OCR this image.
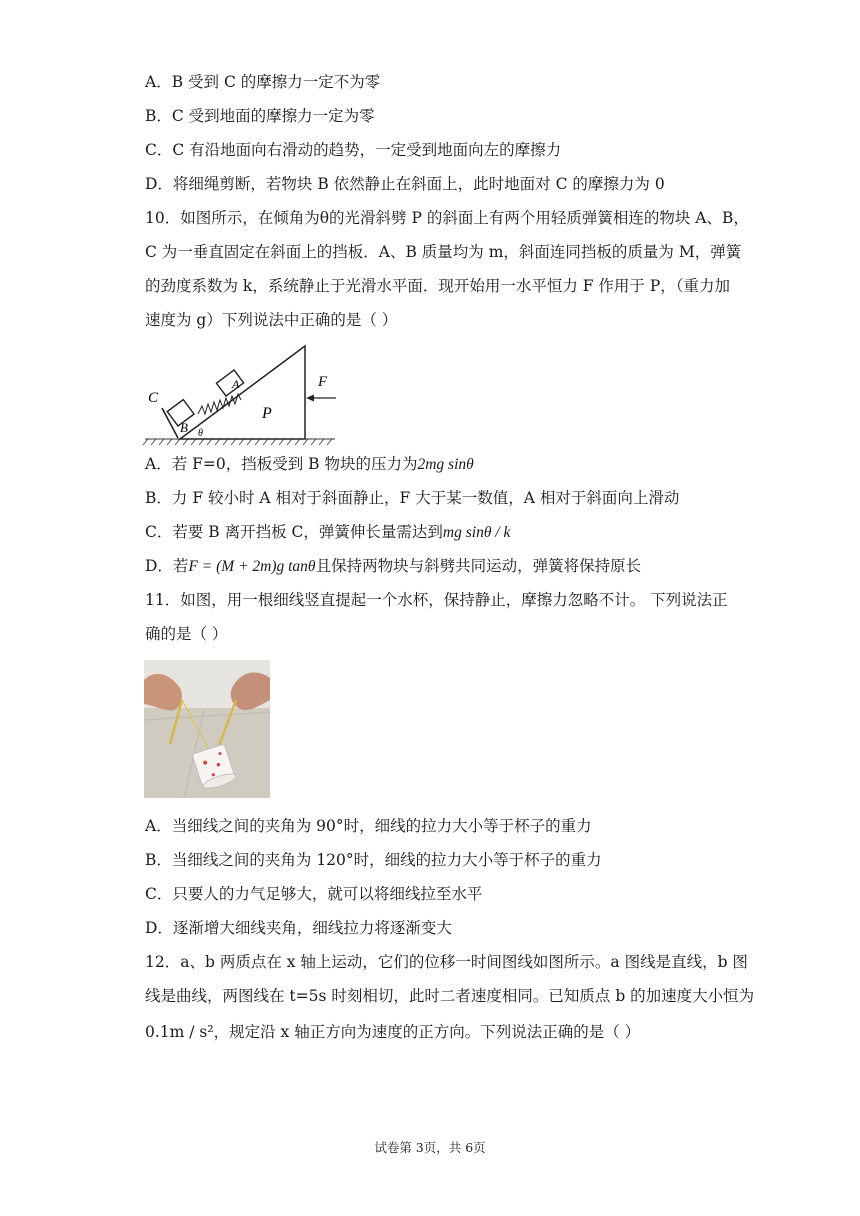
A．B 受到 C 的摩擦力一定不为零
B．C 受到地面的摩擦力一定为零
C．C 有沿地面向右滑动的趋势，一定受到地面向左的摩擦力
D．将细绳剪断，若物块 B 依然静止在斜面上，此时地面对 C 的摩擦力为 0
10．如图所示，在倾角为θ的光滑斜劈 P 的斜面上有两个用轻质弹簧相连的物块 A、B，
C 为一垂直固定在斜面上的挡板．A、B 质量均为 m，斜面连同挡板的质量为 M，弹簧
的劲度系数为 k，系统静止于光滑水平面．现开始用一水平恒力 F 作用于 P，（重力加
速度为 g）下列说法中正确的是（ ）
C
B
A
P
F
θ
A．若 F=0，挡板受到 B 物块的压力为2mg sinθ
B．力 F 较小时 A 相对于斜面静止，F 大于某一数值，A 相对于斜面向上滑动
C．若要 B 离开挡板 C，弹簧伸长量需达到mg sinθ / k
D．若F = (M + 2m)g tanθ且保持两物块与斜劈共同运动，弹簧将保持原长
11．如图，用一根细线竖直提起一个水杯，保持静止，摩擦力忽略不计。 下列说法正
确的是（ ）
A．当细线之间的夹角为 90°时，细线的拉力大小等于杯子的重力
B．当细线之间的夹角为 120°时，细线的拉力大小等于杯子的重力
C．只要人的力气足够大，就可以将细线拉至水平
D．逐渐增大细线夹角，细线拉力将逐渐变大
12．a、b 两质点在 x 轴上运动，它们的位移一时间图线如图所示。a 图线是直线，b 图
线是曲线，两图线在 t=5s 时刻相切，此时二者速度相同。已知质点 b 的加速度大小恒为
0.1m / s²，规定沿 x 轴正方向为速度的正方向。下列说法正确的是（ ）
试卷第 3页，共 6页
